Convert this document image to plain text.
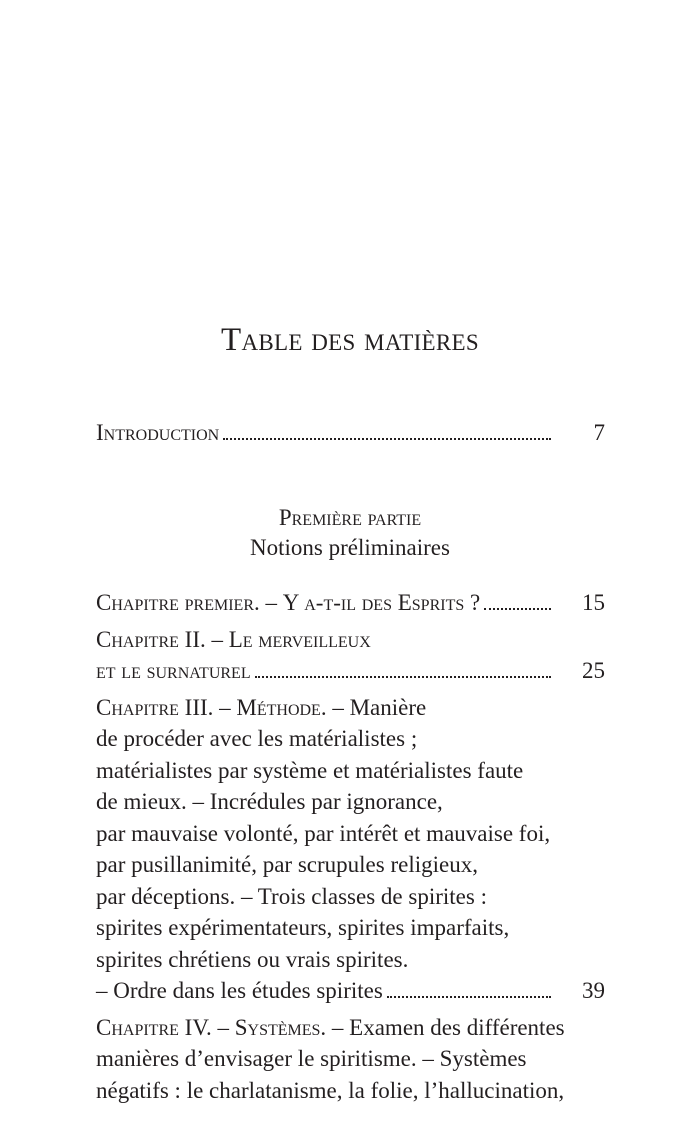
Table des matières
Introduction	7
Première partie
Notions préliminaires
Chapitre premier. – Y a-t-il des Esprits ?	15
Chapitre II. – Le merveilleux
et le surnaturel	25
Chapitre III. – Méthode . – Manière
de procéder avec les matérialistes ;
matérialistes par système et matérialistes faute
de mieux. – Incrédules par ignorance,
par mauvaise volonté, par intérêt et mauvaise foi,
par pusillanimité, par scrupules religieux,
par déceptions. – Trois classes de spirites :
spirites expérimentateurs, spirites imparfaits,
spirites chrétiens ou vrais spirites.
– Ordre dans les études spirites	39
Chapitre IV. – Systèmes . – Examen des différentes
manières d’envisager le spiritisme. – Systèmes
négatifs : le charlatanisme, la folie, l’hallucination,
